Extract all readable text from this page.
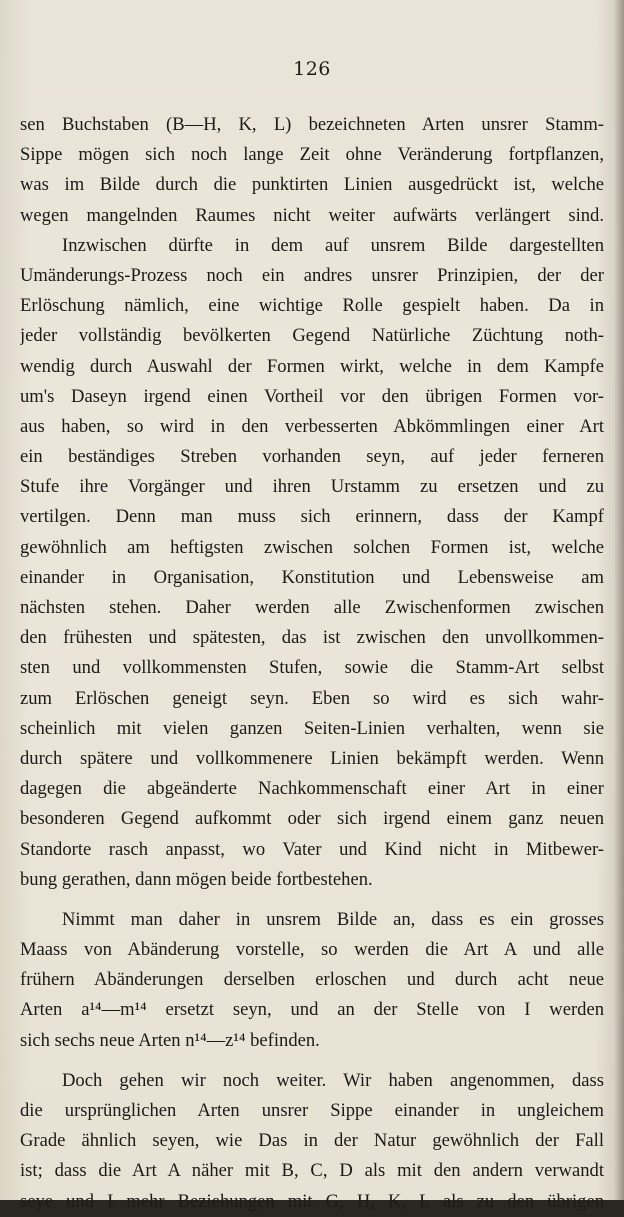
126
sen Buchstaben (B—H, K, L) bezeichneten Arten unsrer Stamm-
Sippe mögen sich noch lange Zeit ohne Veränderung fortpflanzen,
was im Bilde durch die punktirten Linien ausgedrückt ist, welche
wegen mangelnden Raumes nicht weiter aufwärts verlängert sind.
Inzwischen dürfte in dem auf unsrem Bilde dargestellten
Umänderungs-Prozess noch ein andres unsrer Prinzipien, der der
Erlöschung nämlich, eine wichtige Rolle gespielt haben. Da in
jeder vollständig bevölkerten Gegend Natürliche Züchtung noth-
wendig durch Auswahl der Formen wirkt, welche in dem Kampfe
um's Daseyn irgend einen Vortheil vor den übrigen Formen vor-
aus haben, so wird in den verbesserten Abkömmlingen einer Art
ein beständiges Streben vorhanden seyn, auf jeder ferneren
Stufe ihre Vorgänger und ihren Urstamm zu ersetzen und zu
vertilgen. Denn man muss sich erinnern, dass der Kampf
gewöhnlich am heftigsten zwischen solchen Formen ist, welche
einander in Organisation, Konstitution und Lebensweise am
nächsten stehen. Daher werden alle Zwischenformen zwischen
den frühesten und spätesten, das ist zwischen den unvollkommen-
sten und vollkommensten Stufen, sowie die Stamm-Art selbst
zum Erlöschen geneigt seyn. Eben so wird es sich wahr-
scheinlich mit vielen ganzen Seiten-Linien verhalten, wenn sie
durch spätere und vollkommenere Linien bekämpft werden. Wenn
dagegen die abgeänderte Nachkommenschaft einer Art in einer
besonderen Gegend aufkommt oder sich irgend einem ganz neuen
Standorte rasch anpasst, wo Vater und Kind nicht in Mitbewer-
bung gerathen, dann mögen beide fortbestehen.
Nimmt man daher in unsrem Bilde an, dass es ein grosses
Maass von Abänderung vorstelle, so werden die Art A und alle
frühern Abänderungen derselben erloschen und durch acht neue
Arten a¹⁴—m¹⁴ ersetzt seyn, und an der Stelle von I werden
sich sechs neue Arten n¹⁴—z¹⁴ befinden.
Doch gehen wir noch weiter. Wir haben angenommen, dass
die ursprünglichen Arten unsrer Sippe einander in ungleichem
Grade ähnlich seyen, wie Das in der Natur gewöhnlich der Fall
ist; dass die Art A näher mit B, C, D als mit den andern verwandt
seye und I mehr Beziehungen mit G, H, K, L als zu den übrigen
